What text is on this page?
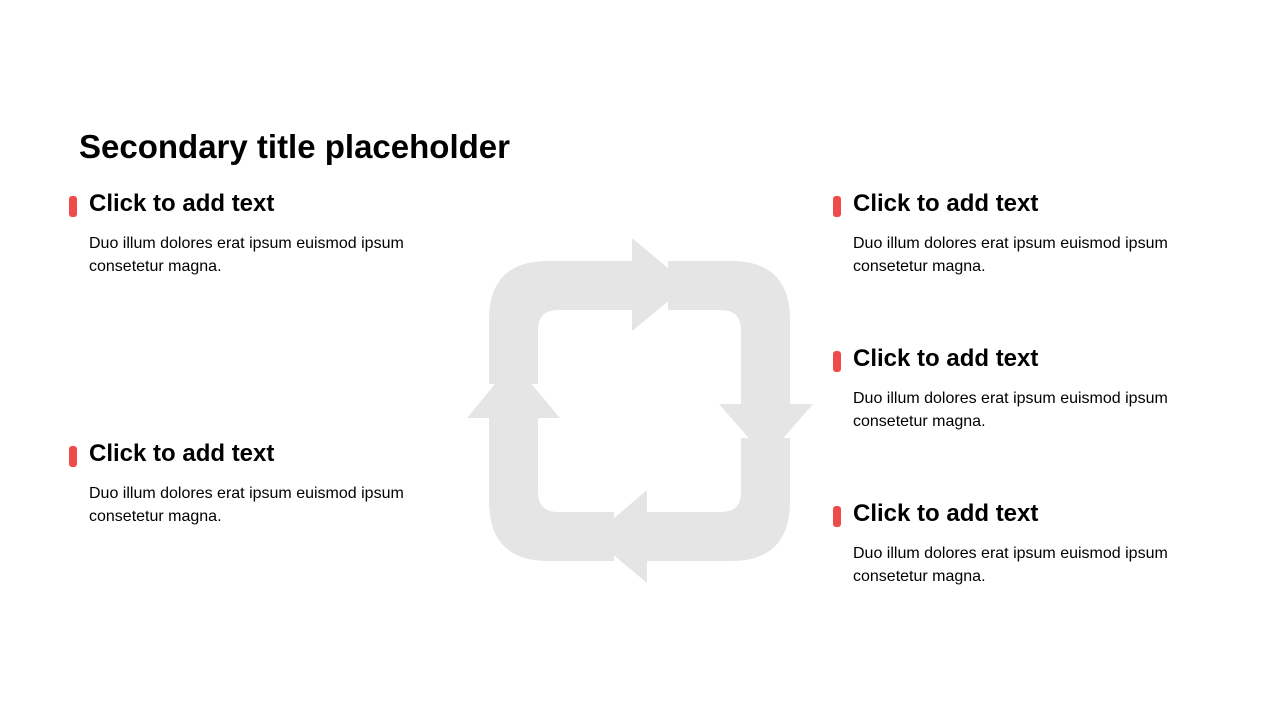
Secondary title placeholder
Click to add text

Duo illum dolores erat ipsum euismod ipsum consetetur magna.

Click to add text

Duo illum dolores erat ipsum euismod ipsum consetetur magna.

Click to add text

Duo illum dolores erat ipsum euismod ipsum consetetur magna.

Click to add text

Duo illum dolores erat ipsum euismod ipsum consetetur magna.

Click to add text

Duo illum dolores erat ipsum euismod ipsum consetetur magna.
